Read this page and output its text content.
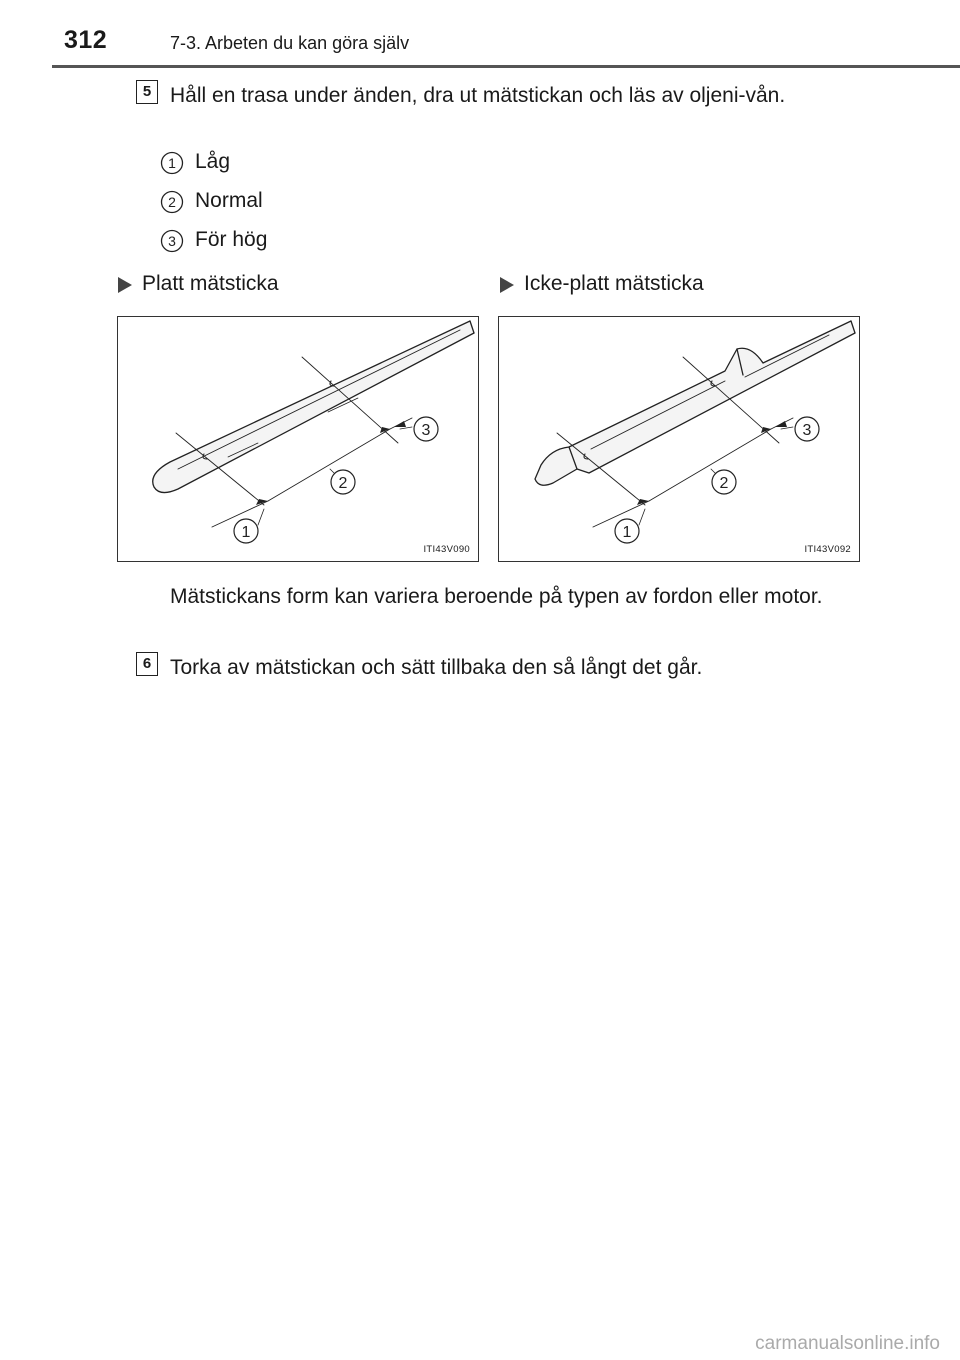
312	7-3. Arbeten du kan göra själv
5 Håll en trasa under änden, dra ut mätstickan och läs av oljeni-vån.
1 Låg
2 Normal
3 För hög
Platt mätsticka	Icke-platt mätsticka
1
2
3
ITI43V090
1
2
3
ITI43V092
Mätstickans form kan variera beroende på typen av fordon eller motor.
6 Torka av mätstickan och sätt tillbaka den så långt det går.
carmanualsonline.info
